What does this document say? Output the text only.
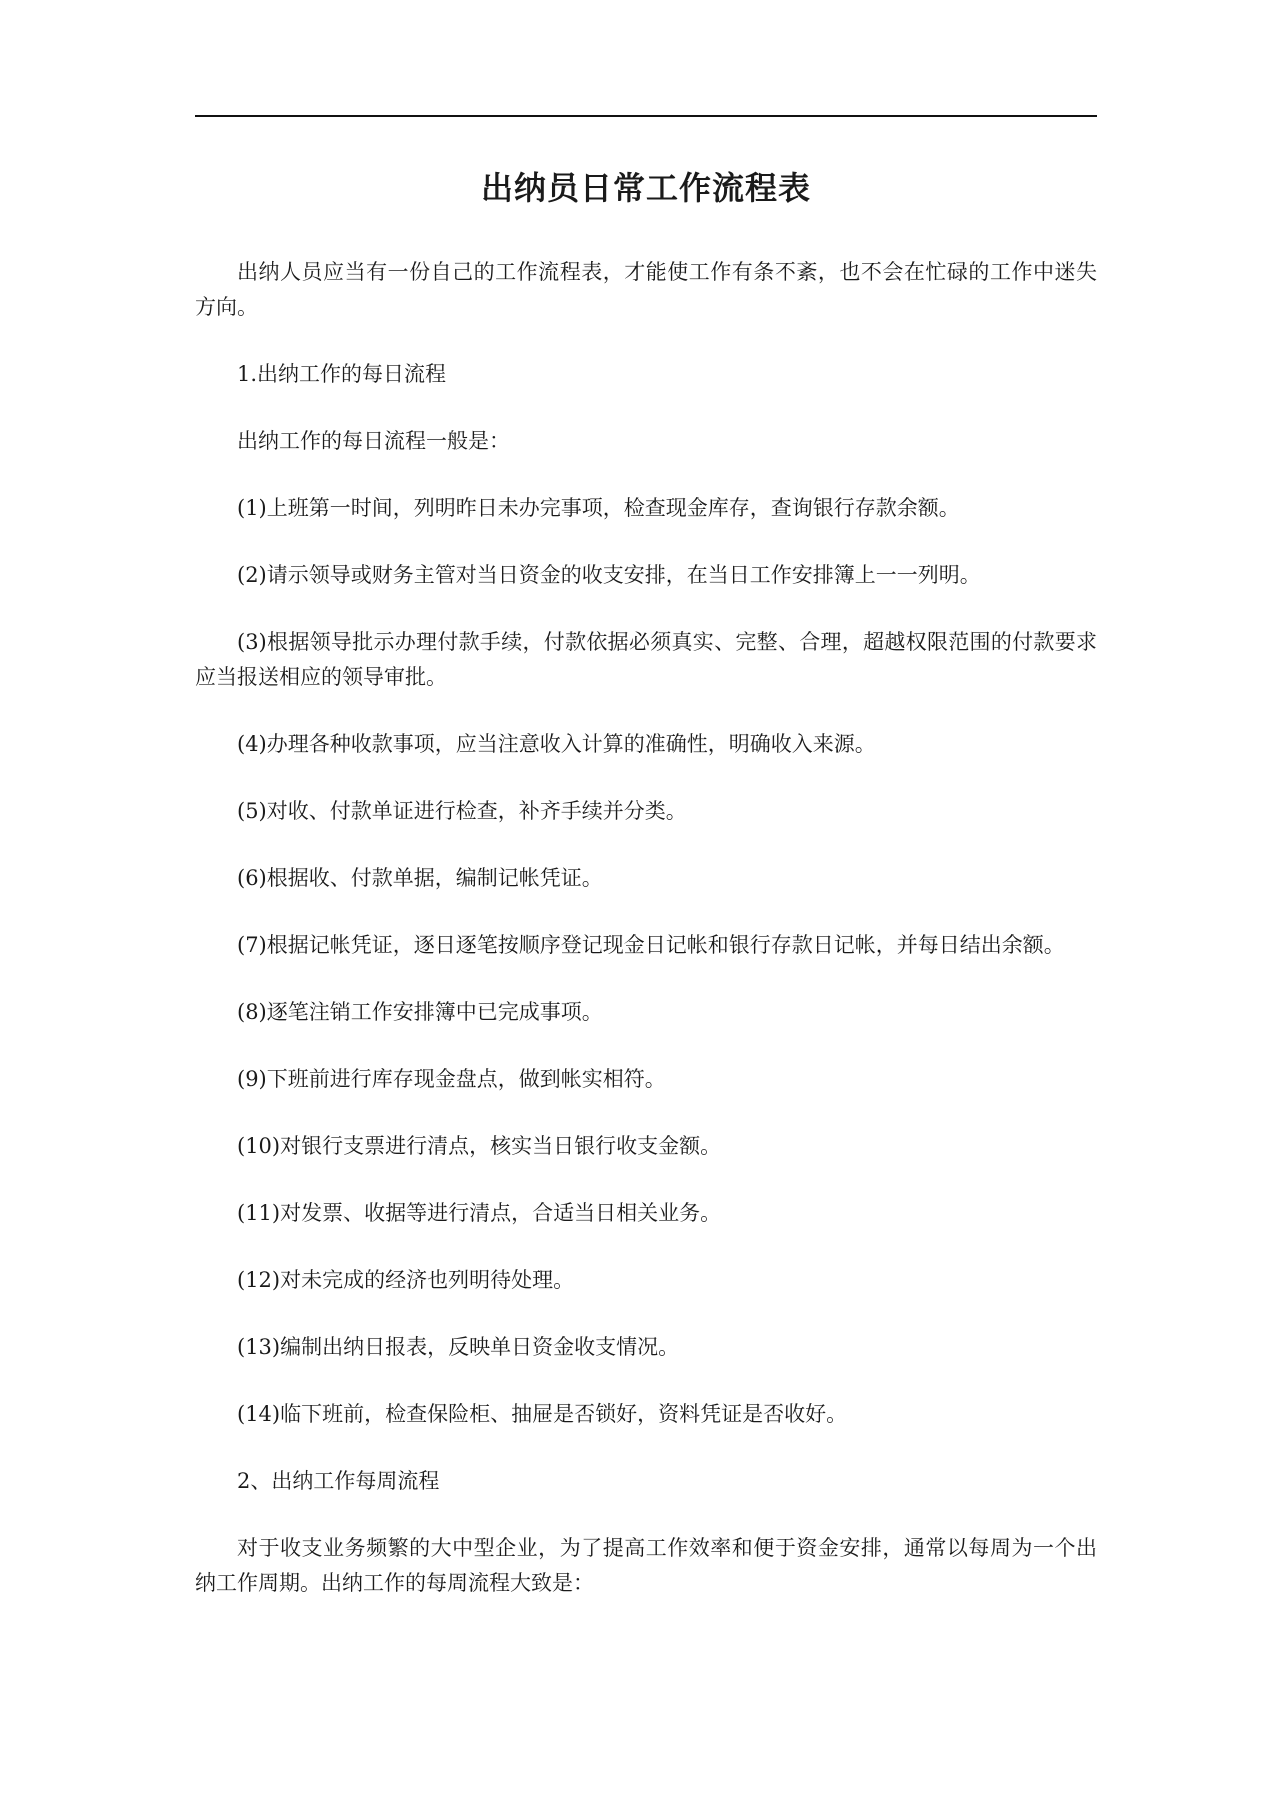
出纳员日常工作流程表

出纳人员应当有一份自己的工作流程表，才能使工作有条不紊，也不会在忙碌的工作中迷失方向。

1.出纳工作的每日流程

出纳工作的每日流程一般是：

(1)上班第一时间，列明昨日未办完事项，检查现金库存，查询银行存款余额。

(2)请示领导或财务主管对当日资金的收支安排，在当日工作安排簿上一一列明。

(3)根据领导批示办理付款手续，付款依据必须真实、完整、合理，超越权限范围的付款要求应当报送相应的领导审批。

(4)办理各种收款事项，应当注意收入计算的准确性，明确收入来源。

(5)对收、付款单证进行检查，补齐手续并分类。

(6)根据收、付款单据，编制记帐凭证。

(7)根据记帐凭证，逐日逐笔按顺序登记现金日记帐和银行存款日记帐，并每日结出余额。

(8)逐笔注销工作安排簿中已完成事项。

(9)下班前进行库存现金盘点，做到帐实相符。

(10)对银行支票进行清点，核实当日银行收支金额。

(11)对发票、收据等进行清点，合适当日相关业务。

(12)对未完成的经济也列明待处理。

(13)编制出纳日报表，反映单日资金收支情况。

(14)临下班前，检查保险柜、抽屉是否锁好，资料凭证是否收好。

2、出纳工作每周流程

对于收支业务频繁的大中型企业，为了提高工作效率和便于资金安排，通常以每周为一个出纳工作周期。出纳工作的每周流程大致是：
